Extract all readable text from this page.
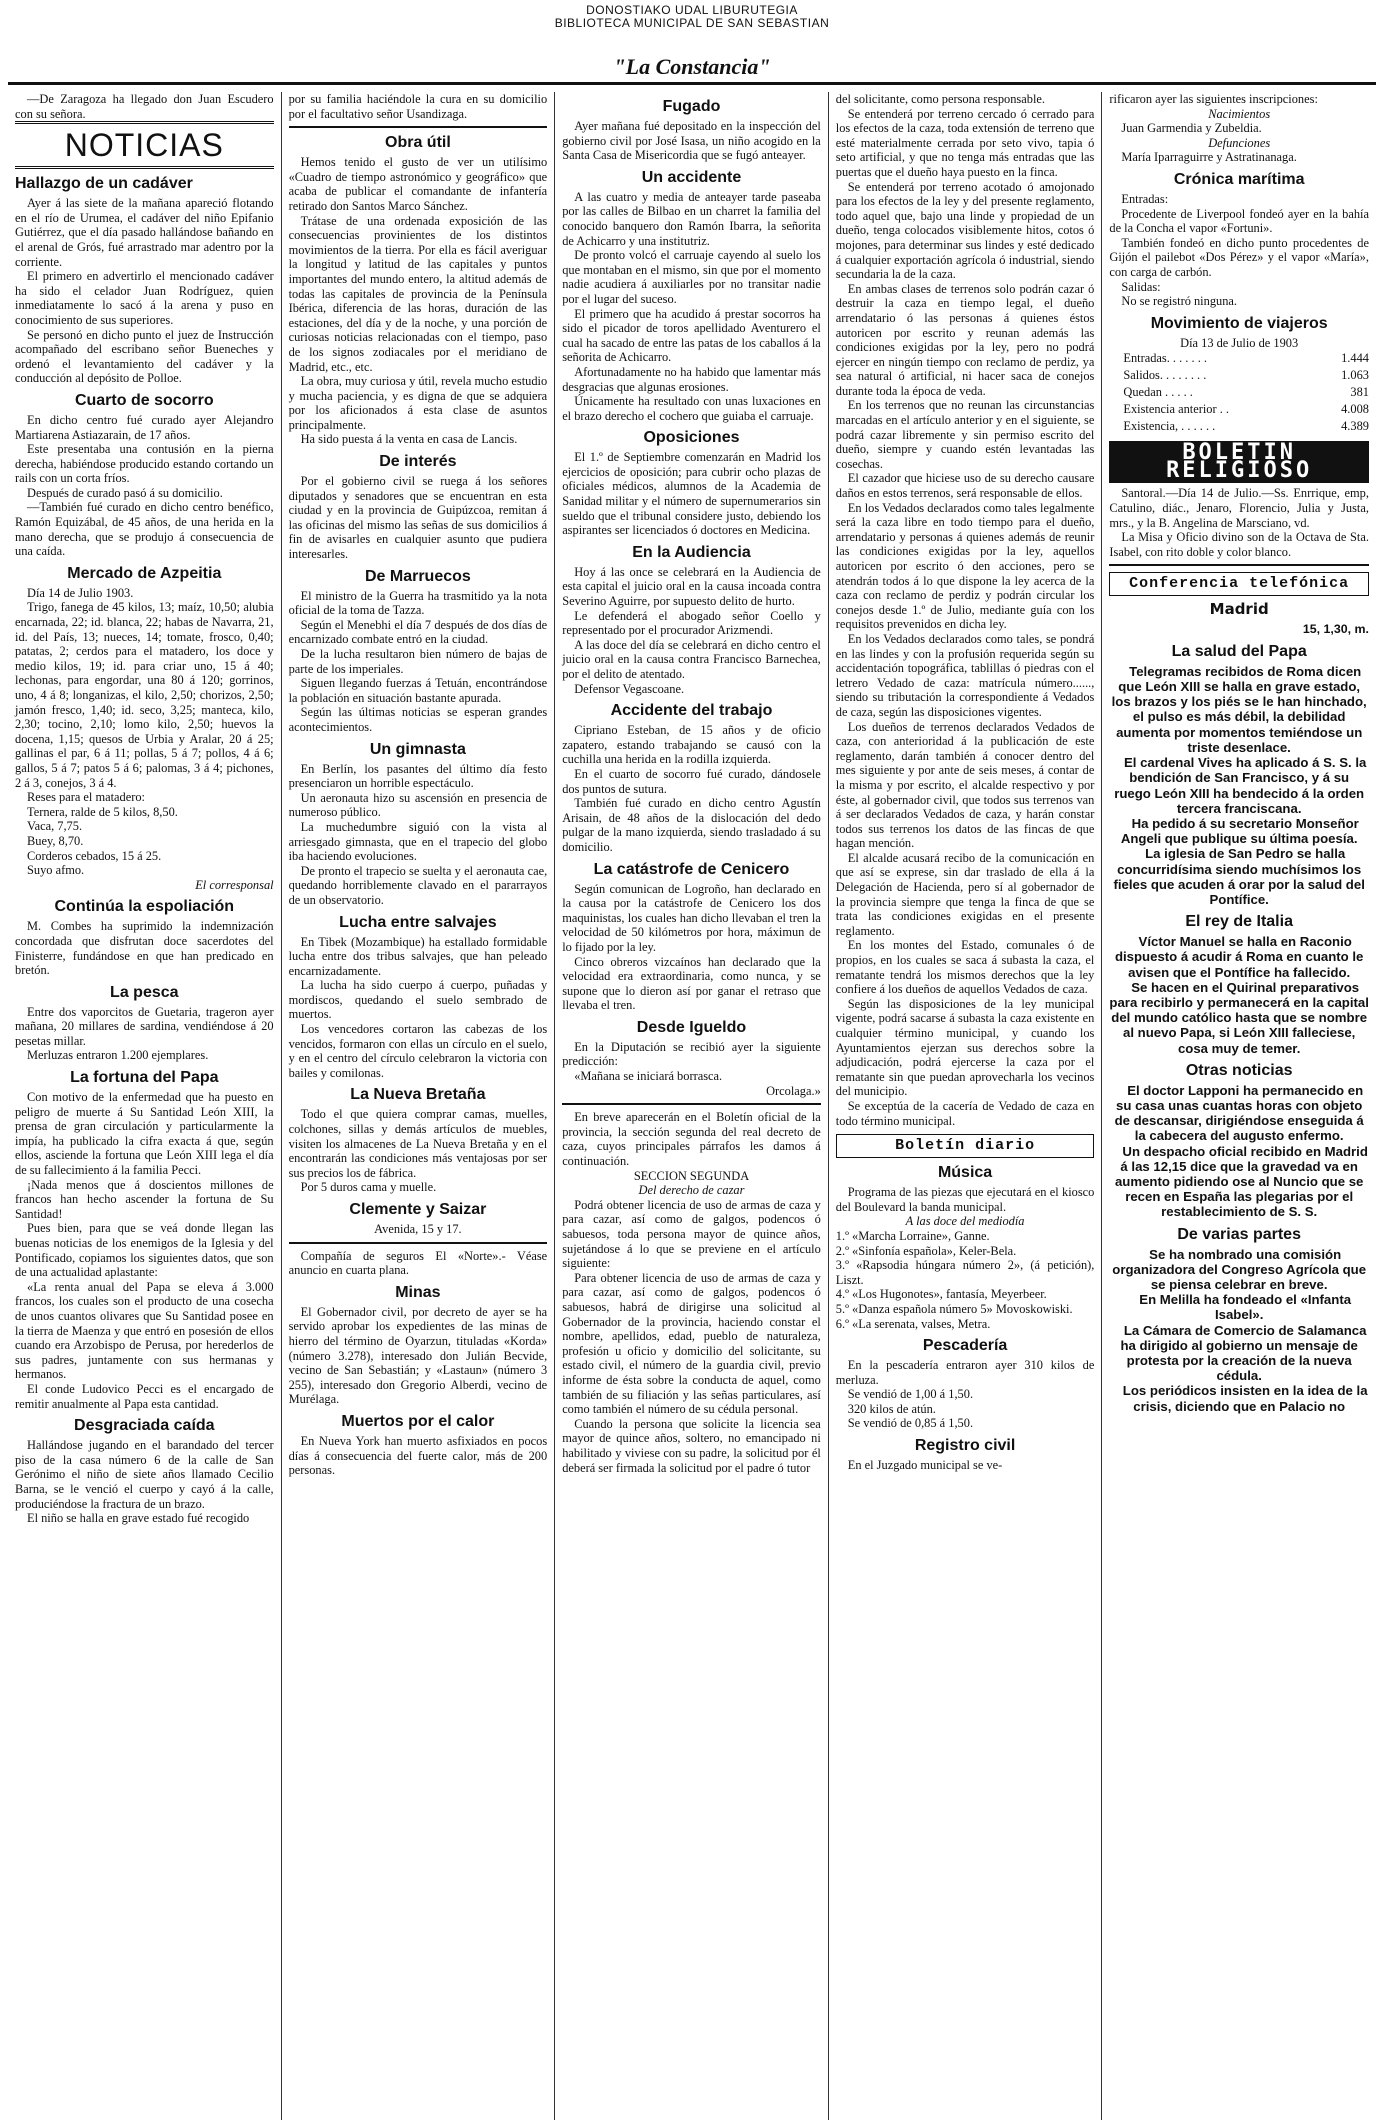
DONOSTIAKO UDAL LIBURUTEGIA
BIBLIOTECA MUNICIPAL DE SAN SEBASTIAN
"La Constancia"

—De Zaragoza ha llegado don Juan Escudero con su señora.

NOTICIAS
Hallazgo de un cadáver

Ayer á las siete de la mañana apareció flotando en el río de Urumea, el cadáver del niño Epifanio Gutiérrez, que el día pasado hallándose bañando en el arenal de Grós, fué arrastrado mar adentro por la corriente.

El primero en advertirlo el mencionado cadáver ha sido el celador Juan Rodríguez, quien inmediatamente lo sacó á la arena y puso en conocimiento de sus superiores.

Se personó en dicho punto el juez de Instrucción acompañado del escribano señor Bueneches y ordenó el levantamiento del cadáver y la conducción al depósito de Polloe.

Cuarto de socorro

En dicho centro fué curado ayer Alejandro Martiarena Astiazarain, de 17 años.

Este presentaba una contusión en la pierna derecha, habiéndose producido estando cortando un rails con un corta fríos.

Después de curado pasó á su domicilio.

—También fué curado en dicho centro benéfico, Ramón Equizábal, de 45 años, de una herida en la mano derecha, que se produjo á consecuencia de una caída.

Mercado de Azpeitia

Día 14 de Julio 1903.

Trigo, fanega de 45 kilos, 13; maíz, 10,50; alubia encarnada, 22; id. blanca, 22; habas de Navarra, 21, id. del País, 13; nueces, 14; tomate, frosco, 0,40; patatas, 2; cerdos para el matadero, los doce y medio kilos, 19; id. para criar uno, 15 á 40; lechonas, para engordar, una 80 á 120; gorrinos, uno, 4 á 8; longanizas, el kilo, 2,50; chorizos, 2,50; jamón fresco, 1,40; id. seco, 3,25; manteca, kilo, 2,30; tocino, 2,10; lomo kilo, 2,50; huevos la docena, 1,15; quesos de Urbia y Aralar, 20 á 25; gallinas el par, 6 á 11; pollas, 5 á 7; pollos, 4 á 6; gallos, 5 á 7; patos 5 á 6; palomas, 3 á 4; pichones, 2 á 3, conejos, 3 á 4.

Reses para el matadero:

Ternera, ralde de 5 kilos, 8,50.

Vaca, 7,75.

Buey, 8,70.

Corderos cebados, 15 á 25.

Suyo afmo.

El corresponsal

Continúa la espoliación

M. Combes ha suprimido la indemnización concordada que disfrutan doce sacerdotes del Finisterre, fundándose en que han predicado en bretón.

La pesca

Entre dos vaporcitos de Guetaria, trageron ayer mañana, 20 millares de sardina, vendiéndose á 20 pesetas millar.

Merluzas entraron 1.200 ejemplares.

La fortuna del Papa

Con motivo de la enfermedad que ha puesto en peligro de muerte á Su Santidad León XIII, la prensa de gran circulación y particularmente la impía, ha publicado la cifra exacta á que, según ellos, asciende la fortuna que León XIII lega el día de su fallecimiento á la familia Pecci.

¡Nada menos que á doscientos millones de francos han hecho ascender la fortuna de Su Santidad!

Pues bien, para que se veá donde llegan las buenas noticias de los enemigos de la Iglesia y del Pontificado, copiamos los siguientes datos, que son de una actualidad aplastante:

«La renta anual del Papa se eleva á 3.000 francos, los cuales son el producto de una cosecha de unos cuantos olivares que Su Santidad posee en la tierra de Maenza y que entró en posesión de ellos cuando era Arzobispo de Perusa, por herederlos de sus padres, juntamente con sus hermanas y hermanos.

El conde Ludovico Pecci es el encargado de remitir anualmente al Papa esta cantidad.

Desgraciada caída

Hallándose jugando en el barandado del tercer piso de la casa número 6 de la calle de San Gerónimo el niño de siete años llamado Cecilio Barna, se le venció el cuerpo y cayó á la calle, produciéndose la fractura de un brazo.

El niño se halla en grave estado fué recogido

por su familia haciéndole la cura en su domicilio por el facultativo señor Usandizaga.

Obra útil

Hemos tenido el gusto de ver un utilísimo «Cuadro de tiempo astronómico y geográfico» que acaba de publicar el comandante de infantería retirado don Santos Marco Sánchez.

Trátase de una ordenada exposición de las consecuencias provinientes de los distintos movimientos de la tierra. Por ella es fácil averiguar la longitud y latitud de las capitales y puntos importantes del mundo entero, la altitud además de todas las capitales de provincia de la Península Ibérica, diferencia de las horas, duración de las estaciones, del día y de la noche, y una porción de curiosas noticias relacionadas con el tiempo, paso de los signos zodiacales por el meridiano de Madrid, etc., etc.

La obra, muy curiosa y útil, revela mucho estudio y mucha paciencia, y es digna de que se adquiera por los aficionados á esta clase de asuntos principalmente.

Ha sido puesta á la venta en casa de Lancis.

De interés

Por el gobierno civil se ruega á los señores diputados y senadores que se encuentran en esta ciudad y en la provincia de Guipúzcoa, remitan á las oficinas del mismo las señas de sus domicilios á fin de avisarles en cualquier asunto que pudiera interesarles.

De Marruecos

El ministro de la Guerra ha trasmitido ya la nota oficial de la toma de Tazza.

Según el Menebhi el día 7 después de dos días de encarnizado combate entró en la ciudad.

De la lucha resultaron bien número de bajas de parte de los imperiales.

Siguen llegando fuerzas á Tetuán, encontrándose la población en situación bastante apurada.

Según las últimas noticias se esperan grandes acontecimientos.

Un gimnasta

En Berlín, los pasantes del último día festo presenciaron un horrible espectáculo.

Un aeronauta hizo su ascensión en presencia de numeroso público.

La muchedumbre siguió con la vista al arriesgado gimnasta, que en el trapecio del globo iba haciendo evoluciones.

De pronto el trapecio se suelta y el aeronauta cae, quedando horriblemente clavado en el pararrayos de un observatorio.

Lucha entre salvajes

En Tibek (Mozambique) ha estallado formidable lucha entre dos tribus salvajes, que han peleado encarnizadamente.

La lucha ha sido cuerpo á cuerpo, puñadas y mordiscos, quedando el suelo sembrado de muertos.

Los vencedores cortaron las cabezas de los vencidos, formaron con ellas un círculo en el suelo, y en el centro del círculo celebraron la victoria con bailes y comilonas.

La Nueva Bretaña

Todo el que quiera comprar camas, muelles, colchones, sillas y demás artículos de muebles, visiten los almacenes de La Nueva Bretaña y en el encontrarán las condiciones más ventajosas por ser sus precios los de fábrica.

Por 5 duros cama y muelle.

Clemente y Saizar

Avenida, 15 y 17.

Compañía de seguros El «Norte».- Véase anuncio en cuarta plana.

Minas

El Gobernador civil, por decreto de ayer se ha servido aprobar los expedientes de las minas de hierro del término de Oyarzun, tituladas «Korda» (número 3.278), interesado don Julián Becvide, vecino de San Sebastián; y «Lastaun» (número 3 255), interesado don Gregorio Alberdi, vecino de Murélaga.

Muertos por el calor

En Nueva York han muerto asfixiados en pocos días á consecuencia del fuerte calor, más de 200 personas.

Fugado

Ayer mañana fué depositado en la inspección del gobierno civil por José Isasa, un niño acogido en la Santa Casa de Misericordia que se fugó anteayer.

Un accidente

A las cuatro y media de anteayer tarde paseaba por las calles de Bilbao en un charret la familia del conocido banquero don Ramón Ibarra, la señorita de Achicarro y una institutriz.

De pronto volcó el carruaje cayendo al suelo los que montaban en el mismo, sin que por el momento nadie acudiera á auxiliarles por no transitar nadie por el lugar del suceso.

El primero que ha acudido á prestar socorros ha sido el picador de toros apellidado Aventurero el cual ha sacado de entre las patas de los caballos á la señorita de Achicarro.

Afortunadamente no ha habido que lamentar más desgracias que algunas erosiones.

Únicamente ha resultado con unas luxaciones en el brazo derecho el cochero que guiaba el carruaje.

Oposiciones

El 1.º de Septiembre comenzarán en Madrid los ejercicios de oposición; para cubrir ocho plazas de oficiales médicos, alumnos de la Academia de Sanidad militar y el número de supernumerarios sin sueldo que el tribunal considere justo, debiendo los aspirantes ser licenciados ó doctores en Medicina.

En la Audiencia

Hoy á las once se celebrará en la Audiencia de esta capital el juicio oral en la causa incoada contra Severino Aguirre, por supuesto delito de hurto.

Le defenderá el abogado señor Coello y representado por el procurador Arizmendi.

A las doce del día se celebrará en dicho centro el juicio oral en la causa contra Francisco Barnechea, por el delito de atentado.

Defensor Vegascoane.

Accidente del trabajo

Cipriano Esteban, de 15 años y de oficio zapatero, estando trabajando se causó con la cuchilla una herida en la rodilla izquierda.

En el cuarto de socorro fué curado, dándosele dos puntos de sutura.

También fué curado en dicho centro Agustín Arisain, de 48 años de la dislocación del dedo pulgar de la mano izquierda, siendo trasladado á su domicilio.

La catástrofe de Cenicero

Según comunican de Logroño, han declarado en la causa por la catástrofe de Cenicero los dos maquinistas, los cuales han dicho llevaban el tren la velocidad de 50 kilómetros por hora, máximun de lo fijado por la ley.

Cinco obreros vizcaínos han declarado que la velocidad era extraordinaria, como nunca, y se supone que lo dieron así por ganar el retraso que llevaba el tren.

Desde Igueldo

En la Diputación se recibió ayer la siguiente predicción:

«Mañana se iniciará borrasca.

Orcolaga.»

En breve aparecerán en el Boletín oficial de la provincia, la sección segunda del real decreto de caza, cuyos principales párrafos les damos á continuación.

SECCION SEGUNDA

Del derecho de cazar

Podrá obtener licencia de uso de armas de caza y para cazar, así como de galgos, podencos ó sabuesos, toda persona mayor de quince años, sujetándose á lo que se previene en el artículo siguiente:

Para obtener licencia de uso de armas de caza y para cazar, así como de galgos, podencos ó sabuesos, habrá de dirigirse una solicitud al Gobernador de la provincia, haciendo constar el nombre, apellidos, edad, pueblo de naturaleza, profesión u oficio y domicilio del solicitante, su estado civil, el número de la guardia civil, previo informe de ésta sobre la conducta de aquel, como también de su filiación y las señas particulares, así como también el número de su cédula personal.

Cuando la persona que solicite la licencia sea mayor de quince años, soltero, no emancipado ni habilitado y viviese con su padre, la solicitud por él deberá ser firmada la solicitud por el padre ó tutor

del solicitante, como persona responsable.

Se entenderá por terreno cercado ó cerrado para los efectos de la caza, toda extensión de terreno que esté materialmente cerrada por seto vivo, tapia ó seto artificial, y que no tenga más entradas que las puertas que el dueño haya puesto en la finca.

Se entenderá por terreno acotado ó amojonado para los efectos de la ley y del presente reglamento, todo aquel que, bajo una linde y propiedad de un dueño, tenga colocados visiblemente hitos, cotos ó mojones, para determinar sus lindes y esté dedicado á cualquier exportación agrícola ó industrial, siendo secundaria la de la caza.

En ambas clases de terrenos solo podrán cazar ó destruir la caza en tiempo legal, el dueño arrendatario ó las personas á quienes éstos autoricen por escrito y reunan además las condiciones exigidas por la ley, pero no podrá ejercer en ningún tiempo con reclamo de perdiz, ya sea natural ó artificial, ni hacer saca de conejos durante toda la época de veda.

En los terrenos que no reunan las circunstancias marcadas en el artículo anterior y en el siguiente, se podrá cazar libremente y sin permiso escrito del dueño, siempre y cuando estén levantadas las cosechas.

El cazador que hiciese uso de su derecho causare daños en estos terrenos, será responsable de ellos.

En los Vedados declarados como tales legalmente será la caza libre en todo tiempo para el dueño, arrendatario y personas á quienes además de reunir las condiciones exigidas por la ley, aquellos autoricen por escrito ó den acciones, pero se atendrán todos á lo que dispone la ley acerca de la caza con reclamo de perdiz y podrán circular los conejos desde 1.º de Julio, mediante guía con los requisitos prevenidos en dicha ley.

En los Vedados declarados como tales, se pondrá en las lindes y con la profusión requerida según su accidentación topográfica, tablillas ó piedras con el letrero Vedado de caza: matrícula número......, siendo su tributación la correspondiente á Vedados de caza, según las disposiciones vigentes.

Los dueños de terrenos declarados Vedados de caza, con anterioridad á la publicación de este reglamento, darán también á conocer dentro del mes siguiente y por ante de seis meses, á contar de la misma y por escrito, el alcalde respectivo y por éste, al gobernador civil, que todos sus terrenos van á ser declarados Vedados de caza, y harán constar todos sus terrenos los datos de las fincas de que hagan mención.

El alcalde acusará recibo de la comunicación en que así se exprese, sin dar traslado de ella á la Delegación de Hacienda, pero sí al gobernador de la provincia siempre que tenga la finca de que se trata las condiciones exigidas en el presente reglamento.

En los montes del Estado, comunales ó de propios, en los cuales se saca á subasta la caza, el rematante tendrá los mismos derechos que la ley confiere á los dueños de aquellos Vedados de caza.

Según las disposiciones de la ley municipal vigente, podrá sacarse á subasta la caza existente en cualquier término municipal, y cuando los Ayuntamientos ejerzan sus derechos sobre la adjudicación, podrá ejercerse la caza por el rematante sin que puedan aprovecharla los vecinos del municipio.

Se exceptúa de la cacería de Vedado de caza en todo término municipal.

Boletín diario
Música

Programa de las piezas que ejecutará en el kiosco del Boulevard la banda municipal.

A las doce del mediodía

1.º «Marcha Lorraine», Ganne.

2.º «Sinfonía española», Keler-Bela.

3.º «Rapsodia húngara número 2», (á petición), Liszt.

4.º «Los Hugonotes», fantasía, Meyerbeer.

5.º «Danza española número 5» Movoskowiski.

6.º «La serenata, valses, Metra.

Pescadería

En la pescadería entraron ayer 310 kilos de merluza.

Se vendió de 1,00 á 1,50.

320 kilos de atún.

Se vendió de 0,85 á 1,50.

Registro civil

En el Juzgado municipal se ve-

rificaron ayer las siguientes inscripciones:

Nacimientos

Juan Garmendia y Zubeldia.

Defunciones

María Iparraguirre y Astratinanaga.

Crónica marítima

Entradas:

Procedente de Liverpool fondeó ayer en la bahía de la Concha el vapor «Fortuni».

También fondeó en dicho punto procedentes de Gijón el pailebot «Dos Pérez» y el vapor «María», con carga de carbón.

Salidas:

No se registró ninguna.

Movimiento de viajeros

Día 13 de Julio de 1903

Entradas. . . . . . .	1.444
Salidos. . . . . . . .	1.063
Quedan . . . . .	381
Existencia anterior . .	4.008
Existencia, . . . . . .	4.389
BOLETIN RELIGIOSO

Santoral.—Día 14 de Julio.—Ss. Enrrique, emp, Catulino, diác., Jenaro, Florencio, Julia y Justa, mrs., y la B. Angelina de Marsciano, vd.

La Misa y Oficio divino son de la Octava de Sta. Isabel, con rito doble y color blanco.

Conferencia telefónica
Madrid

15, 1,30, m.

La salud del Papa

Telegramas recibidos de Roma dicen que León XIII se halla en grave estado, los brazos y los piés se le han hinchado, el pulso es más débil, la debilidad aumenta por momentos temiéndose un triste desenlace.

El cardenal Vives ha aplicado á S. S. la bendición de San Francisco, y á su ruego León XIII ha bendecido á la orden tercera franciscana.

Ha pedido á su secretario Monseñor Angeli que publique su última poesía.

La iglesia de San Pedro se halla concurridísima siendo muchísimos los fieles que acuden á orar por la salud del Pontífice.

El rey de Italia

Víctor Manuel se halla en Raconio dispuesto á acudir á Roma en cuanto le avisen que el Pontífice ha fallecido.

Se hacen en el Quirinal preparativos para recibirlo y permanecerá en la capital del mundo católico hasta que se nombre al nuevo Papa, si León XIII falleciese, cosa muy de temer.

Otras noticias

El doctor Lapponi ha permanecido en su casa unas cuantas horas con objeto de descansar, dirigiéndose enseguida á la cabecera del augusto enfermo.

Un despacho oficial recibido en Madrid á las 12,15 dice que la gravedad va en aumento pidiendo ose al Nuncio que se recen en España las plegarias por el restablecimiento de S. S.

De varias partes

Se ha nombrado una comisión organizadora del Congreso Agrícola que se piensa celebrar en breve.

En Melilla ha fondeado el «Infanta Isabel».

La Cámara de Comercio de Salamanca ha dirigido al gobierno un mensaje de protesta por la creación de la nueva cédula.

Los periódicos insisten en la idea de la crisis, diciendo que en Palacio no
